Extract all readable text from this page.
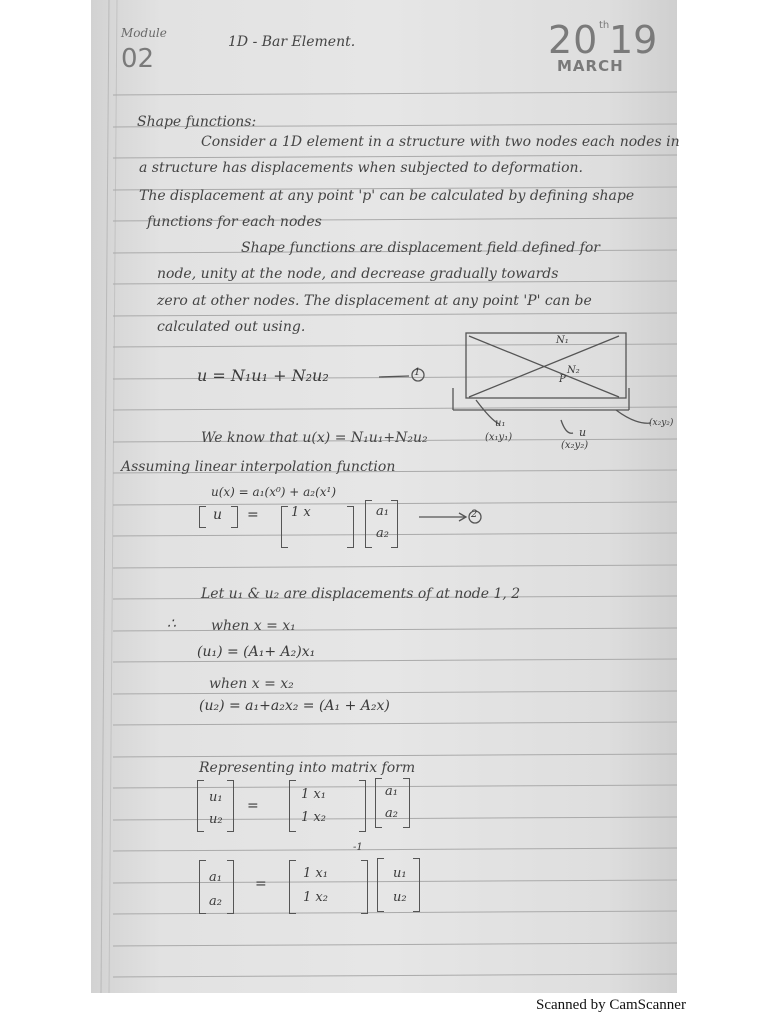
Module
02
1D - Bar Element.	20 th 19
MARCH
Shape functions:
Consider a 1D element in a structure with two nodes each nodes in
a structure has displacements when subjected to deformation.
The displacement at any point 'p' can be calculated by defining shape
functions for each nodes
Shape functions are displacement field defined for
node, unity at the node, and decrease gradually towards
zero at other nodes. The displacement at any point 'P' can be
calculated out using.
u = N₁u₁ + N₂u₂	1
N₁
N₂
P
u₁
(x₁y₁)	u
(x₂y₂)
(x₂y₂)
We know that u(x) = N₁u₁+N₂u₂
Assuming linear interpolation function
u(x) = a₁(x⁰) + a₂(x¹)
u = 1 x	a₁
a₂
2
Let u₁ & u₂ are displacements of at node 1, 2
∴	when x = x₁
(u₁) = (A₁+ A₂)x₁
when x = x₂
(u₂) = a₁+a₂x₂ = (A₁ + A₂x)
Representing into matrix form
u₁
u₂
=
1 x₁
1 x₂
a₁
a₂
-1
a₁
a₂
=
1 x₁
1 x₂
u₁
u₂
Scanned by CamScanner
